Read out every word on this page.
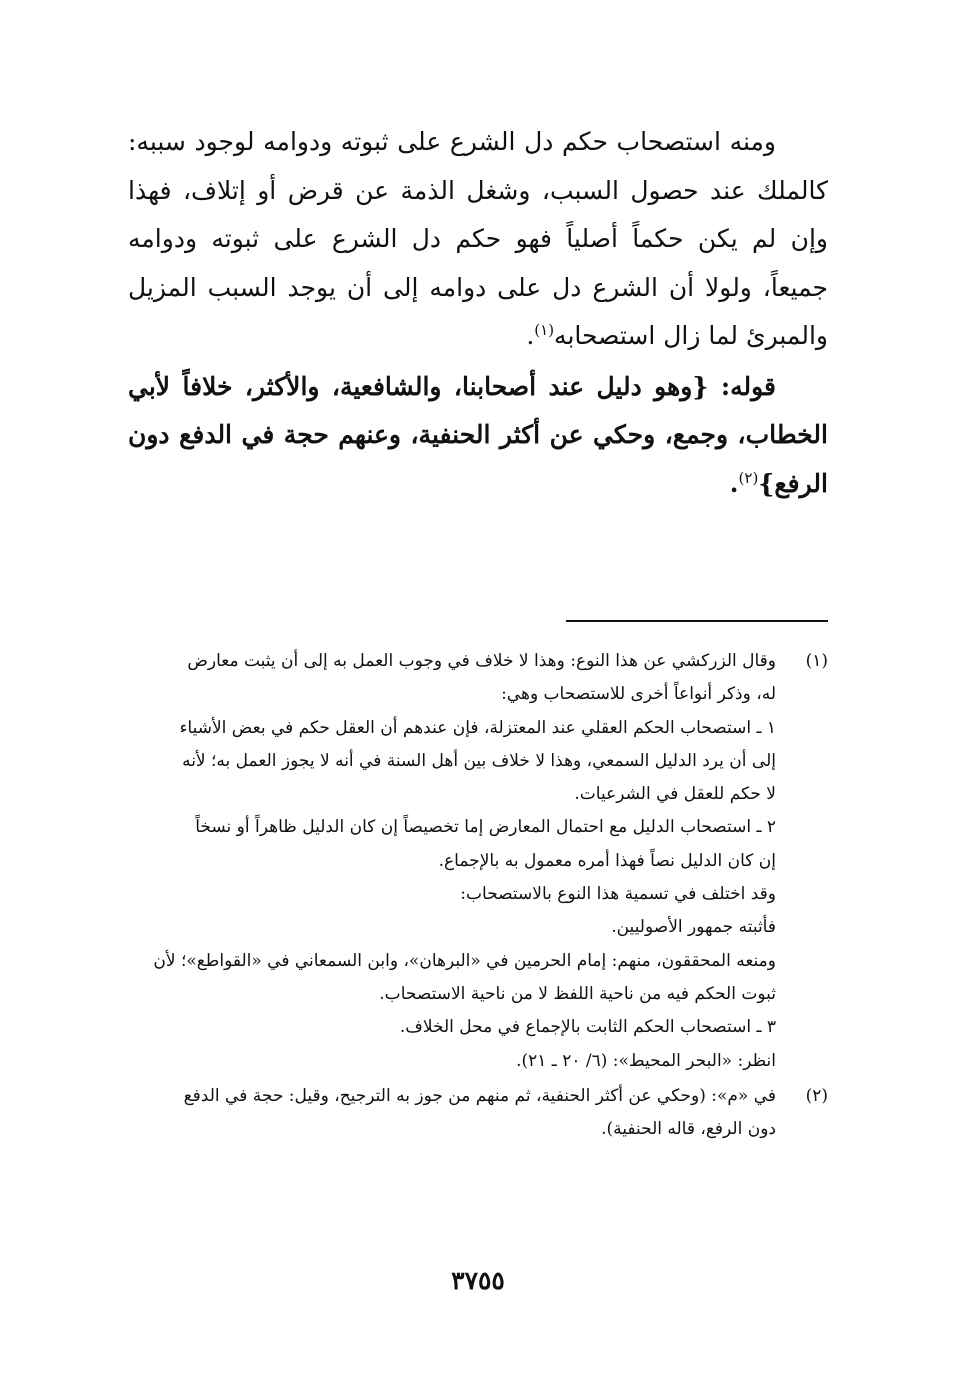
ومنه استصحاب حكم دل الشرع على ثبوته ودوامه لوجود سببه: كالملك عند حصول السبب، وشغل الذمة عن قرض أو إتلاف، فهذا وإن لم يكن حكماً أصلياً فهو حكم دل الشرع على ثبوته ودوامه جميعاً، ولولا أن الشرع دل على دوامه إلى أن يوجد السبب المزيل والمبرئ لما زال استصحابه$^{(١)}$.

قوله: {وهو دليل عند أصحابنا، والشافعية، والأكثر، خلافاً لأبي الخطاب، وجمع، وحكي عن أكثر الحنفية، وعنهم حجة في الدفع دون الرفع}$^{(٢)}$.

(١)
وقال الزركشي عن هذا النوع: وهذا لا خلاف في وجوب العمل به إلى أن يثبت معارض
له، وذكر أنواعاً أخرى للاستصحاب وهي:
١ ـ استصحاب الحكم العقلي عند المعتزلة، فإن عندهم أن العقل حكم في بعض الأشياء
إلى أن يرد الدليل السمعي، وهذا لا خلاف بين أهل السنة في أنه لا يجوز العمل به؛ لأنه
لا حكم للعقل في الشرعيات.
٢ ـ استصحاب الدليل مع احتمال المعارض إما تخصيصاً إن كان الدليل ظاهراً أو نسخاً
إن كان الدليل نصاً فهذا أمره معمول به بالإجماع.
وقد اختلف في تسمية هذا النوع بالاستصحاب:
فأثبته جمهور الأصوليين.
ومنعه المحققون، منهم: إمام الحرمين في «البرهان»، وابن السمعاني في «القواطع»؛ لأن
ثبوت الحكم فيه من ناحية اللفظ لا من ناحية الاستصحاب.
٣ ـ استصحاب الحكم الثابت بالإجماع في محل الخلاف.
انظر: «البحر المحيط»: (٦/ ٢٠ ـ ٢١).
(٢)
في «م»: (وحكي عن أكثر الحنفية، ثم منهم من جوز به الترجيح، وقيل: حجة في الدفع
دون الرفع، قاله الحنفية).
٣٧٥٥
